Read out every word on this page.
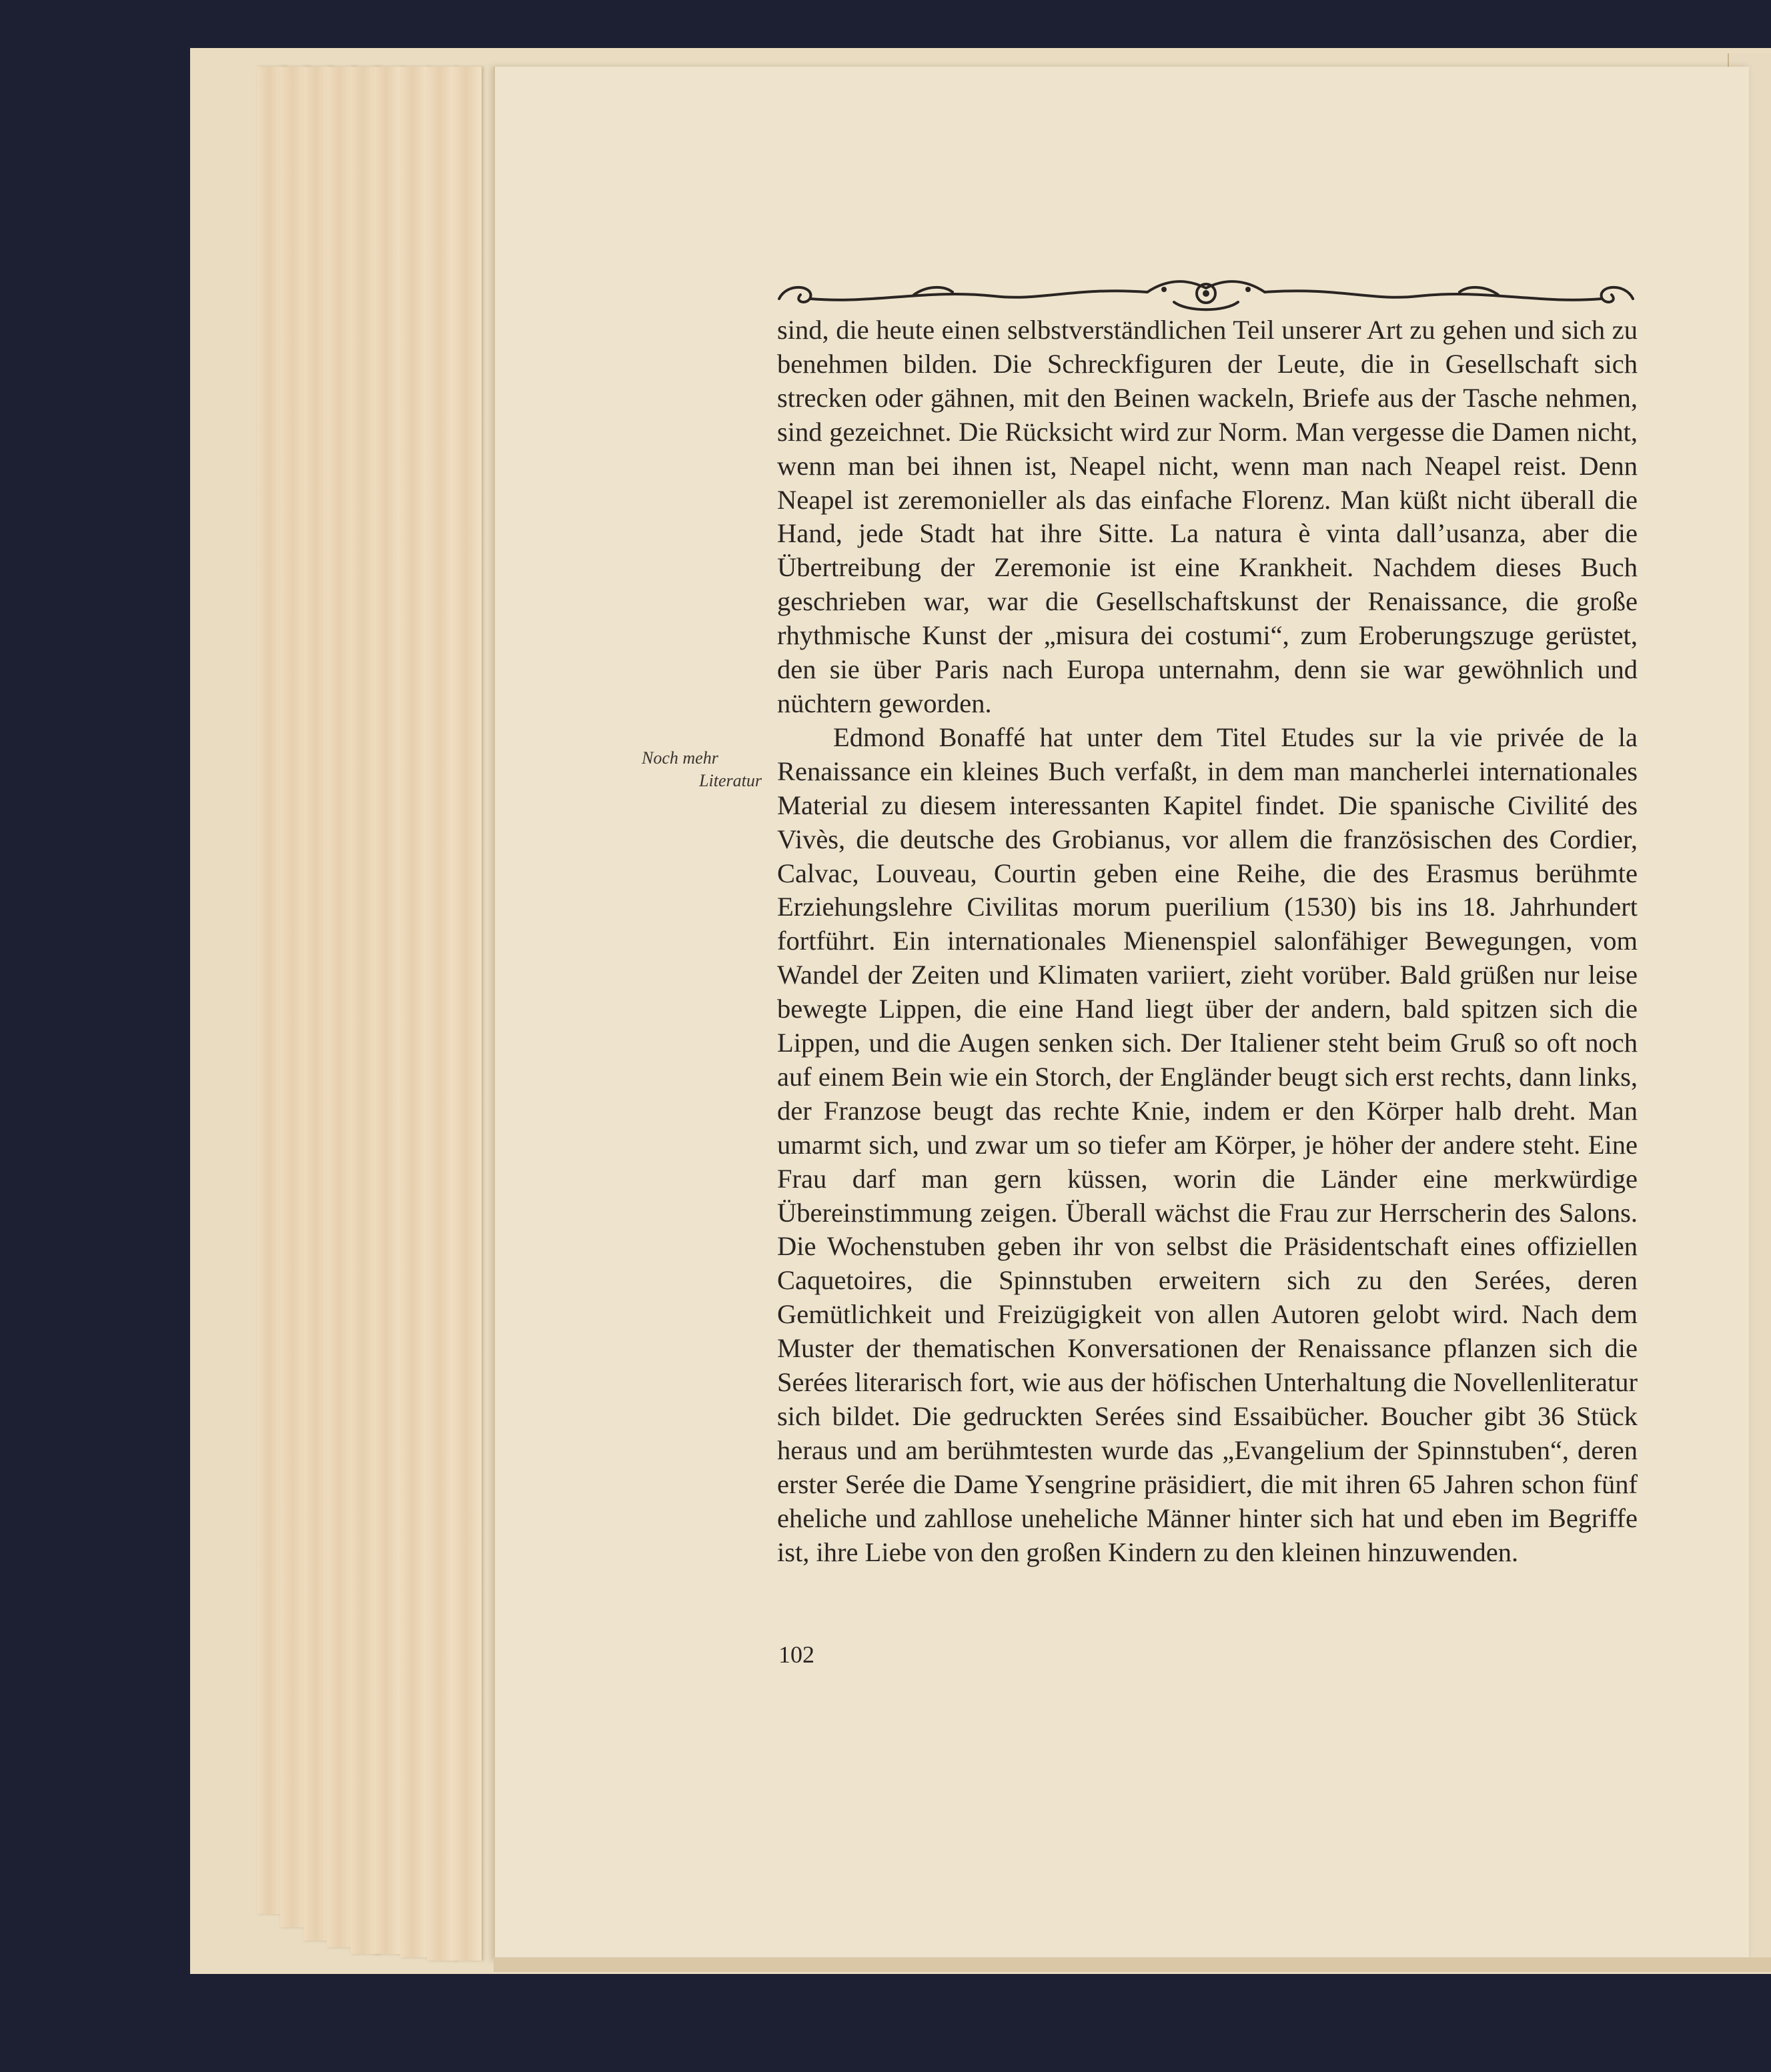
sind, die heute einen selbstverständlichen Teil unserer Art zu gehen und sich zu benehmen bilden. Die Schreckfiguren der Leute, die in Gesellschaft sich strecken oder gähnen, mit den Beinen wackeln, Briefe aus der Tasche nehmen, sind gezeichnet. Die Rücksicht wird zur Norm. Man vergesse die Damen nicht, wenn man bei ihnen ist, Neapel nicht, wenn man nach Neapel reist. Denn Neapel ist zeremonieller als das einfache Florenz. Man küßt nicht überall die Hand, jede Stadt hat ihre Sitte. La natura è vinta dall’usanza, aber die Übertreibung der Zeremonie ist eine Krankheit. Nachdem dieses Buch geschrieben war, war die Gesellschaftskunst der Renaissance, die große rhythmische Kunst der „misura dei costumi“, zum Eroberungszuge gerüstet, den sie über Paris nach Europa unternahm, denn sie war gewöhnlich und nüchtern geworden.

Edmond Bonaffé hat unter dem Titel Etudes sur la vie privée de la Renaissance ein kleines Buch verfaßt, in dem man mancherlei internationales Material zu diesem interessanten Kapitel findet. Die spanische Civilité des Vivès, die deutsche des Grobianus, vor allem die französischen des Cordier, Calvac, Louveau, Courtin geben eine Reihe, die des Erasmus berühmte Erziehungslehre Civilitas morum puerilium (1530) bis ins 18. Jahrhundert fortführt. Ein internationales Mienenspiel salonfähiger Bewegungen, vom Wandel der Zeiten und Klimaten variiert, zieht vorüber. Bald grüßen nur leise bewegte Lippen, die eine Hand liegt über der andern, bald spitzen sich die Lippen, und die Augen senken sich. Der Italiener steht beim Gruß so oft noch auf einem Bein wie ein Storch, der Engländer beugt sich erst rechts, dann links, der Franzose beugt das rechte Knie, indem er den Körper halb dreht. Man umarmt sich, und zwar um so tiefer am Körper, je höher der andere steht. Eine Frau darf man gern küssen, worin die Länder eine merkwürdige Übereinstimmung zeigen. Überall wächst die Frau zur Herrscherin des Salons. Die Wochenstuben geben ihr von selbst die Präsidentschaft eines offiziellen Caquetoires, die Spinnstuben erweitern sich zu den Serées, deren Gemütlichkeit und Freizügigkeit von allen Autoren gelobt wird. Nach dem Muster der thematischen Konversationen der Renaissance pflanzen sich die Serées literarisch fort, wie aus der höfischen Unterhaltung die Novellenliteratur sich bildet. Die gedruckten Serées sind Essaibücher. Boucher gibt 36 Stück heraus und am berühmtesten wurde das „Evangelium der Spinnstuben“, deren erster Serée die Dame Ysengrine präsidiert, die mit ihren 65 Jahren schon fünf eheliche und zahllose uneheliche Männer hinter sich hat und eben im Begriffe ist, ihre Liebe von den großen Kindern zu den kleinen hinzuwenden.

Noch mehr
Literatur
102
